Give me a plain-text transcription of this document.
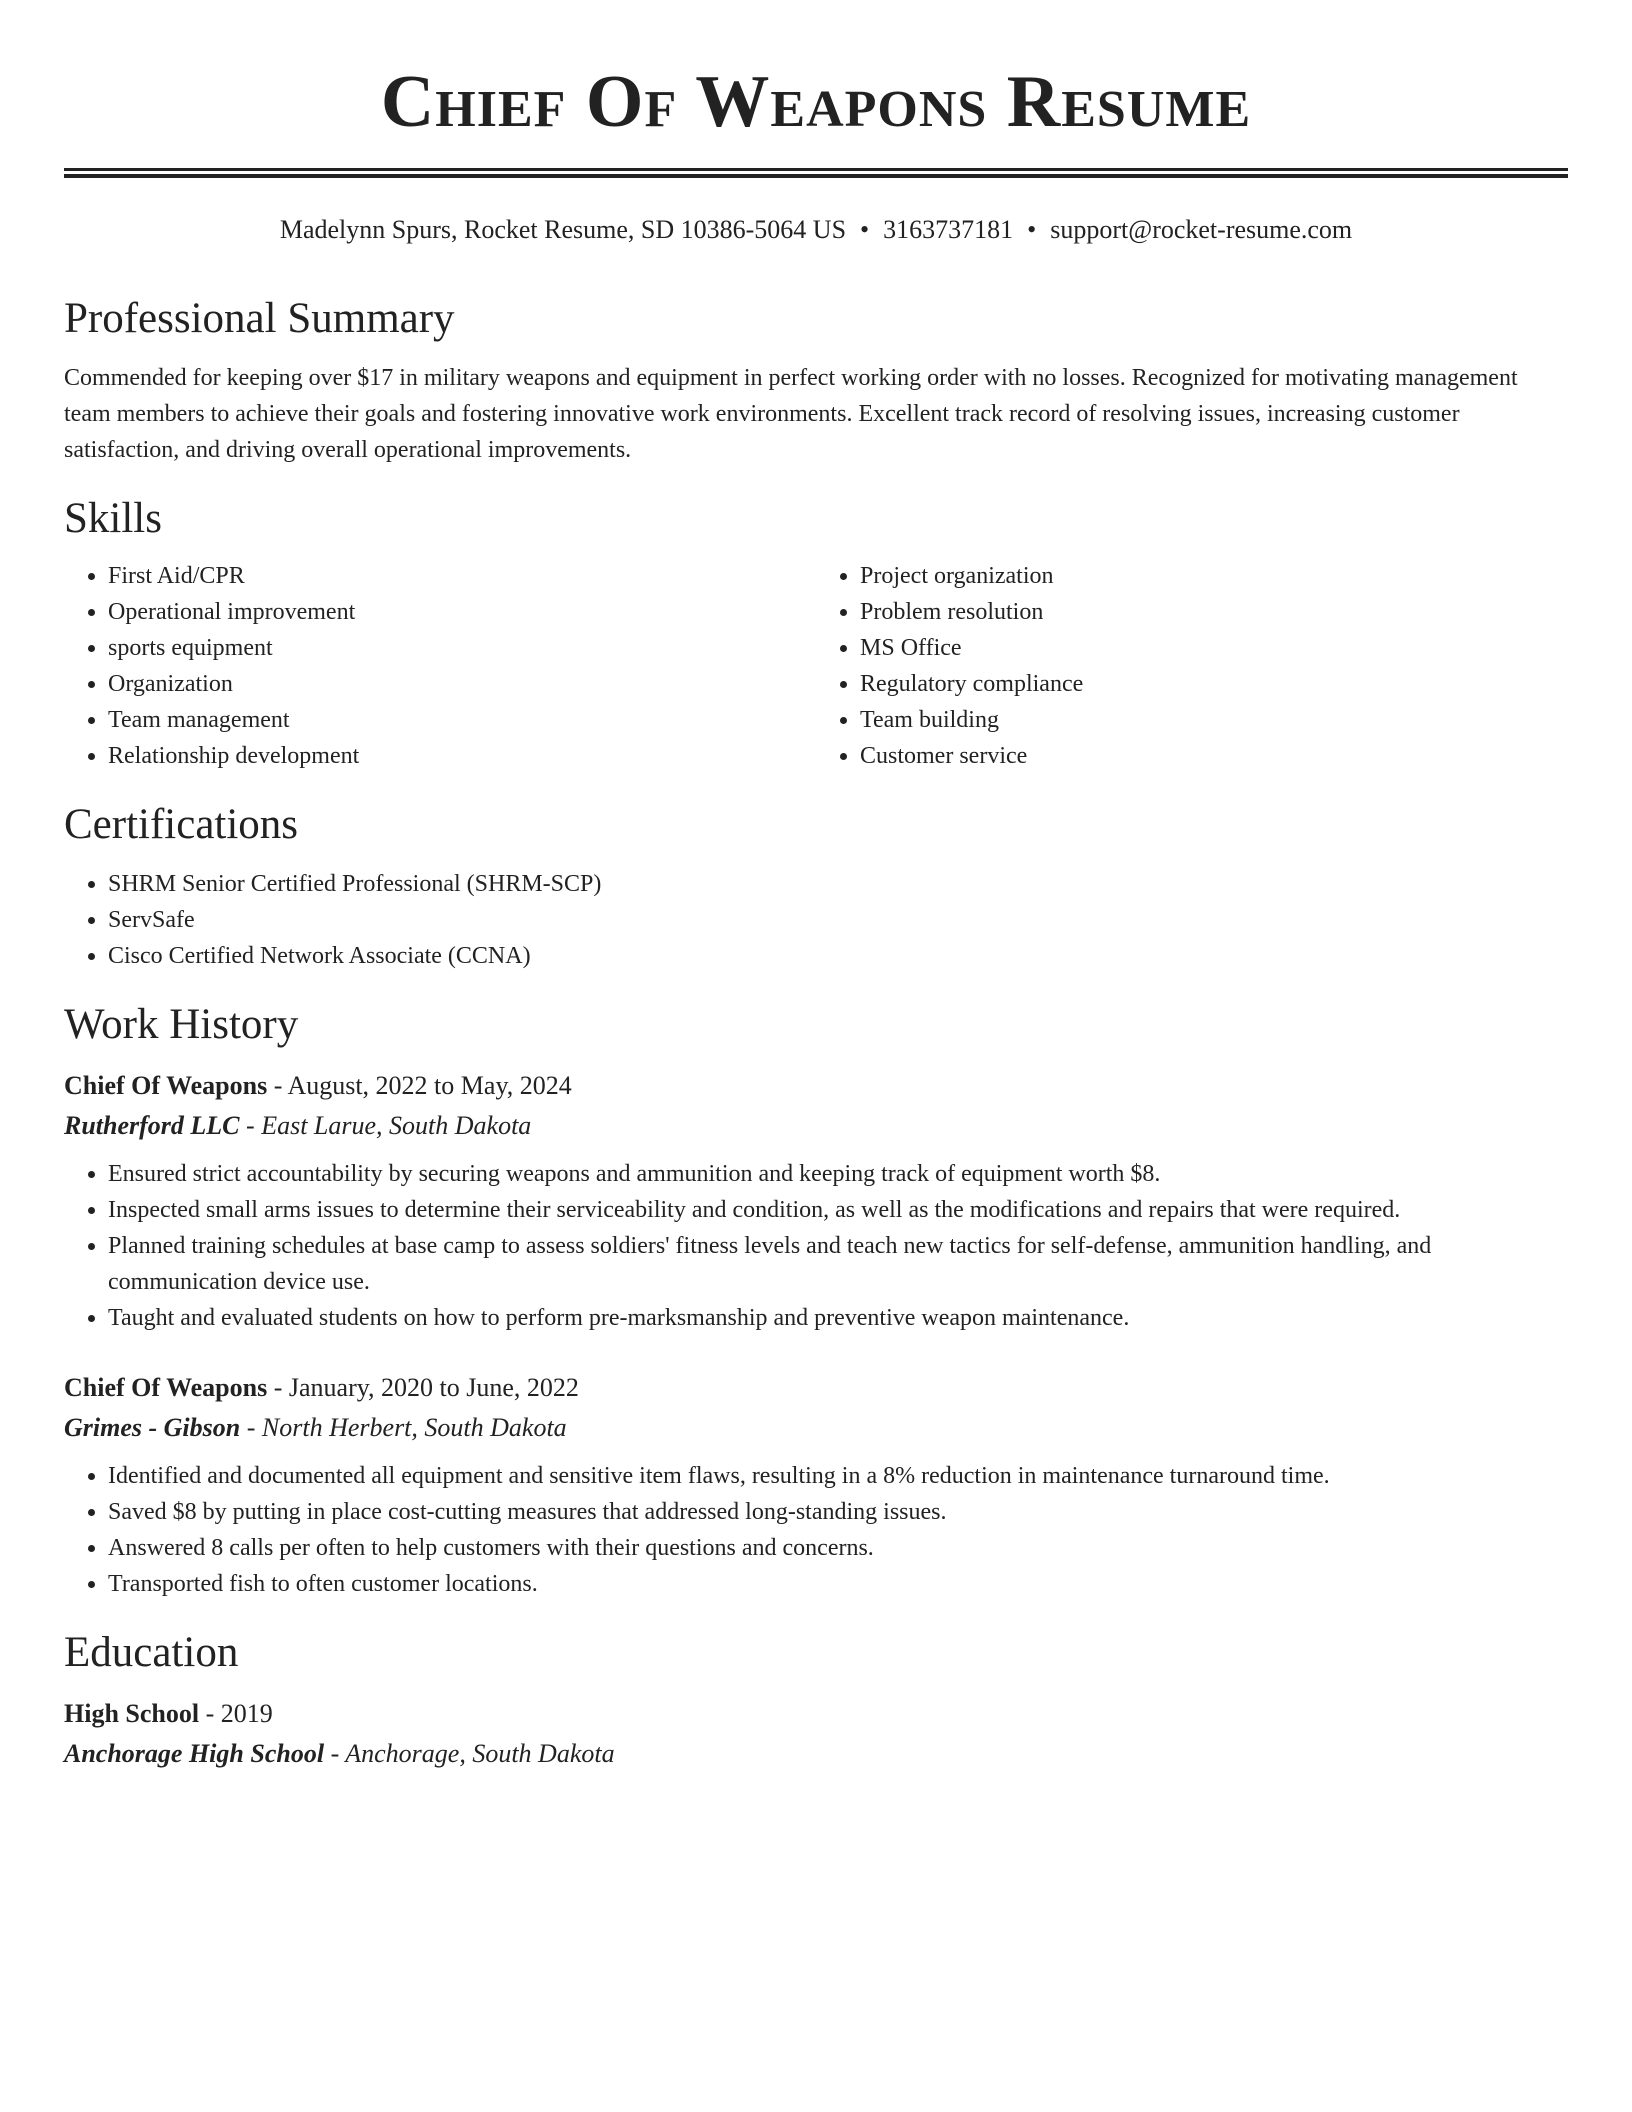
Chief Of Weapons Resume
Madelynn Spurs, Rocket Resume, SD 10386-5064 US • 3163737181 • support@rocket-resume.com
Professional Summary

Commended for keeping over $17 in military weapons and equipment in perfect working order with no losses. Recognized for motivating management team members to achieve their goals and fostering innovative work environments. Excellent track record of resolving issues, increasing customer satisfaction, and driving overall operational improvements.

Skills
• First Aid/CPR
• Operational improvement
• sports equipment
• Organization
• Team management
• Relationship development
• Project organization
• Problem resolution
• MS Office
• Regulatory compliance
• Team building
• Customer service
Certifications
• SHRM Senior Certified Professional (SHRM-SCP)
• ServSafe
• Cisco Certified Network Associate (CCNA)
Work History
Chief Of Weapons - August, 2022 to May, 2024
Rutherford LLC - East Larue, South Dakota
• Ensured strict accountability by securing weapons and ammunition and keeping track of equipment worth $8.
• Inspected small arms issues to determine their serviceability and condition, as well as the modifications and repairs that were required.
• Planned training schedules at base camp to assess soldiers' fitness levels and teach new tactics for self-defense, ammunition handling, and communication device use.
• Taught and evaluated students on how to perform pre-marksmanship and preventive weapon maintenance.
Chief Of Weapons - January, 2020 to June, 2022
Grimes - Gibson - North Herbert, South Dakota
• Identified and documented all equipment and sensitive item flaws, resulting in a 8% reduction in maintenance turnaround time.
• Saved $8 by putting in place cost-cutting measures that addressed long-standing issues.
• Answered 8 calls per often to help customers with their questions and concerns.
• Transported fish to often customer locations.
Education
High School - 2019
Anchorage High School - Anchorage, South Dakota
